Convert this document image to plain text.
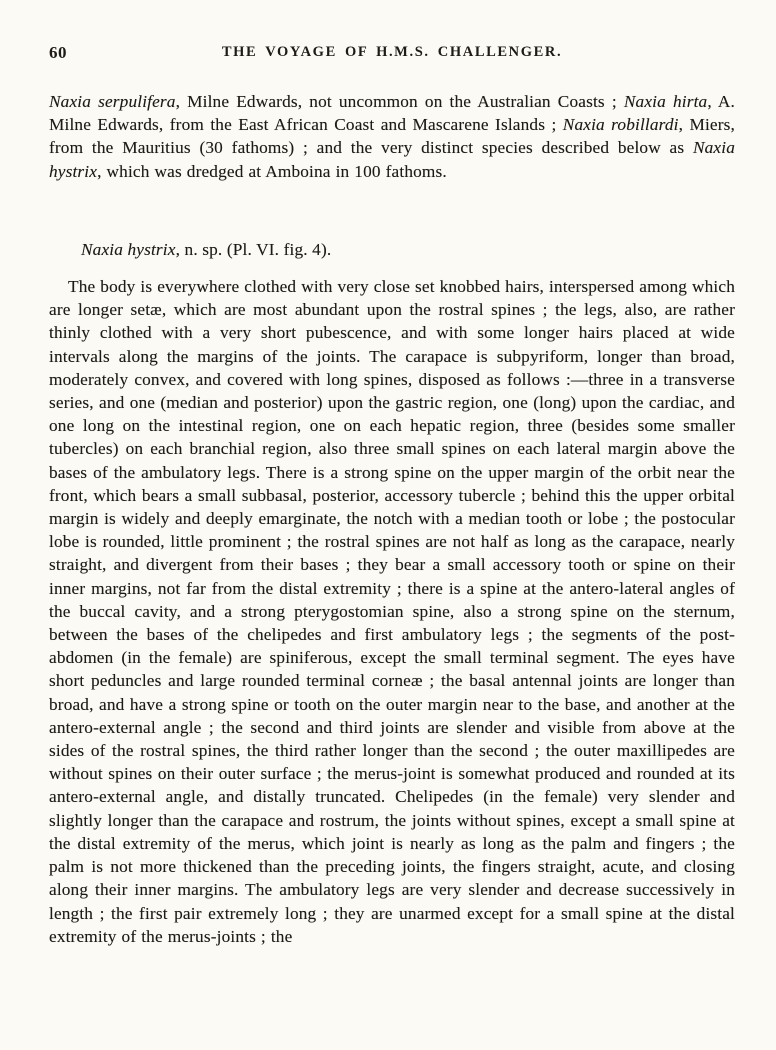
60	THE VOYAGE OF H.M.S. CHALLENGER.

Naxia serpulifera, Milne Edwards, not uncommon on the Australian Coasts ; Naxia hirta, A. Milne Edwards, from the East African Coast and Mascarene Islands ; Naxia robillardi, Miers, from the Mauritius (30 fathoms) ; and the very distinct species described below as Naxia hystrix, which was dredged at Amboina in 100 fathoms.

Naxia hystrix, n. sp. (Pl. VI. fig. 4).

The body is everywhere clothed with very close set knobbed hairs, interspersed among which are longer setæ, which are most abundant upon the rostral spines ; the legs, also, are rather thinly clothed with a very short pubescence, and with some longer hairs placed at wide intervals along the margins of the joints. The carapace is subpyriform, longer than broad, moderately convex, and covered with long spines, disposed as follows :—three in a transverse series, and one (median and posterior) upon the gastric region, one (long) upon the cardiac, and one long on the intestinal region, one on each hepatic region, three (besides some smaller tubercles) on each branchial region, also three small spines on each lateral margin above the bases of the ambulatory legs. There is a strong spine on the upper margin of the orbit near the front, which bears a small subbasal, posterior, accessory tubercle ; behind this the upper orbital margin is widely and deeply emarginate, the notch with a median tooth or lobe ; the postocular lobe is rounded, little prominent ; the rostral spines are not half as long as the carapace, nearly straight, and divergent from their bases ; they bear a small accessory tooth or spine on their inner margins, not far from the distal extremity ; there is a spine at the antero-lateral angles of the buccal cavity, and a strong pterygostomian spine, also a strong spine on the sternum, between the bases of the chelipedes and first ambulatory legs ; the segments of the post-abdomen (in the female) are spiniferous, except the small terminal segment. The eyes have short peduncles and large rounded terminal corneæ ; the basal antennal joints are longer than broad, and have a strong spine or tooth on the outer margin near to the base, and another at the antero-external angle ; the second and third joints are slender and visible from above at the sides of the rostral spines, the third rather longer than the second ; the outer maxillipedes are without spines on their outer surface ; the merus-joint is somewhat produced and rounded at its antero-external angle, and distally truncated. Chelipedes (in the female) very slender and slightly longer than the carapace and rostrum, the joints without spines, except a small spine at the distal extremity of the merus, which joint is nearly as long as the palm and fingers ; the palm is not more thickened than the preceding joints, the fingers straight, acute, and closing along their inner margins. The ambulatory legs are very slender and decrease successively in length ; the first pair extremely long ; they are unarmed except for a small spine at the distal extremity of the merus-joints ; the
